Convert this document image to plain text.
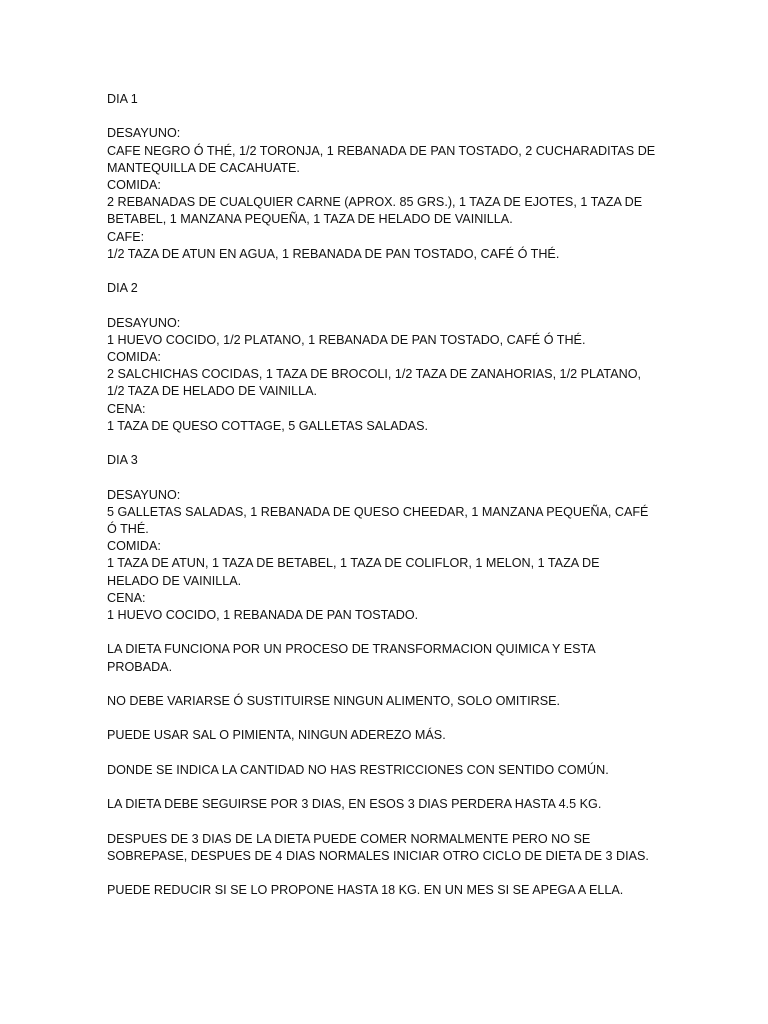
DIA 1
DESAYUNO:
CAFE NEGRO Ó THÉ, 1/2 TORONJA, 1 REBANADA DE PAN TOSTADO, 2 CUCHARADITAS DE
MANTEQUILLA DE CACAHUATE.
COMIDA:
2 REBANADAS DE CUALQUIER CARNE (APROX. 85 GRS.), 1 TAZA DE EJOTES, 1 TAZA DE
BETABEL, 1 MANZANA PEQUEÑA, 1 TAZA DE HELADO DE VAINILLA.
CAFE:
1/2 TAZA DE ATUN EN AGUA, 1 REBANADA DE PAN TOSTADO, CAFÉ Ó THÉ.
DIA 2
DESAYUNO:
1 HUEVO COCIDO, 1/2 PLATANO, 1 REBANADA DE PAN TOSTADO, CAFÉ Ó THÉ.
COMIDA:
2 SALCHICHAS COCIDAS, 1 TAZA DE BROCOLI, 1/2 TAZA DE ZANAHORIAS, 1/2 PLATANO,
1/2 TAZA DE HELADO DE VAINILLA.
CENA:
1 TAZA DE QUESO COTTAGE, 5 GALLETAS SALADAS.
DIA 3
DESAYUNO:
5 GALLETAS SALADAS, 1 REBANADA DE QUESO CHEEDAR, 1 MANZANA PEQUEÑA, CAFÉ
Ó THÉ.
COMIDA:
1 TAZA DE ATUN, 1 TAZA DE BETABEL, 1 TAZA DE COLIFLOR, 1 MELON, 1 TAZA DE
HELADO DE VAINILLA.
CENA:
1 HUEVO COCIDO, 1 REBANADA DE PAN TOSTADO.
LA DIETA FUNCIONA POR UN PROCESO DE TRANSFORMACION QUIMICA Y ESTA
PROBADA.
NO DEBE VARIARSE Ó SUSTITUIRSE NINGUN ALIMENTO, SOLO OMITIRSE.
PUEDE USAR SAL O PIMIENTA, NINGUN ADEREZO MÁS.
DONDE SE INDICA LA CANTIDAD NO HAS RESTRICCIONES CON SENTIDO COMÚN.
LA DIETA DEBE SEGUIRSE POR 3 DIAS, EN ESOS 3 DIAS PERDERA HASTA 4.5 KG.
DESPUES DE 3 DIAS DE LA DIETA PUEDE COMER NORMALMENTE PERO NO SE
SOBREPASE, DESPUES DE 4 DIAS NORMALES INICIAR OTRO CICLO DE DIETA DE 3 DIAS.
PUEDE REDUCIR SI SE LO PROPONE HASTA 18 KG. EN UN MES SI SE APEGA A ELLA.
